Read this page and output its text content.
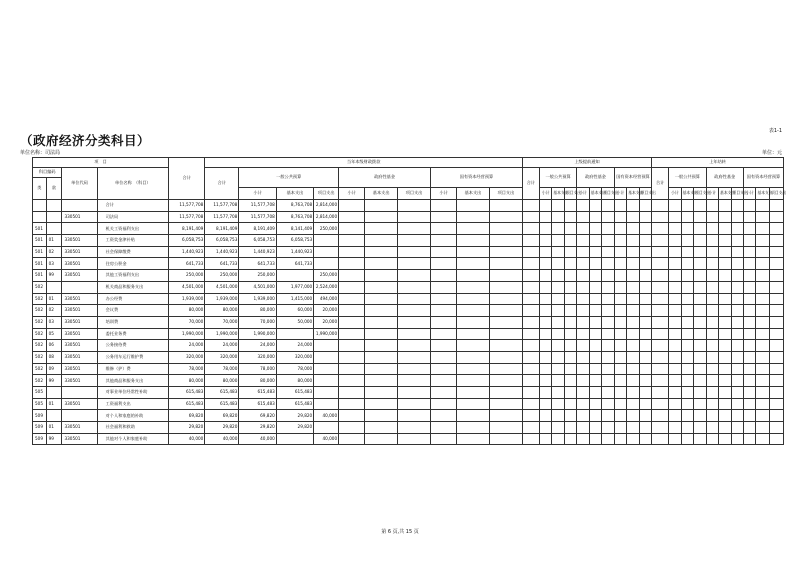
（政府经济分类科目）
表1-1
单位名称：司法局	单位：元
项　目				合计	当年本级财政拨款										上级提前通知										上年结转									
科目编码		单位代码	单位名称　（科目）		合计	一般公共预算			政府性基金			国有资本经营预算			合计	一般公共预算			政府性基金			国有资本经营预算			合计	一般公共预算			政府性基金			国有资本经营预算		
类	款																																	
						小计	基本支出	项目支出	小计	基本支出	项目支出	小计	基本支出	项目支出		小计	基本支出	项目支出	小计	基本支出	项目支出	小计	基本支出	项目支出		小计	基本支出	项目支出	小计	基本支出	项目支出	小计	基本支出	项目支出
			合计	11,577,708	11,577,708	11,577,708	8,763,708	2,814,000																										
		330501	司法局	11,577,708	11,577,708	11,577,708	8,763,708	2,814,000																										
501			机关工资福利支出	8,191,409	8,191,409	8,191,409	8,141,409	250,000																										
501	01	330501	工资奖金津补贴	6,058,753	6,058,753	6,058,753	6,058,753																											
501	02	330501	社会保障缴费	1,440,923	1,440,923	1,440,923	1,440,923																											
501	03	330501	住房公积金	641,733	641,733	641,733	641,733																											
501	99	330501	其他工资福利支出	250,000	250,000	250,000		250,000																										
502			机关商品和服务支出	4,501,000	4,501,000	4,501,000	1,977,000	2,524,000																										
502	01	330501	办公经费	1,939,000	1,939,000	1,939,000	1,415,000	494,000																										
502	02	330501	会议费	80,000	80,000	80,000	60,000	20,000																										
502	03	330501	培训费	70,000	70,000	70,000	50,000	20,000																										
502	05	330501	委托业务费	1,990,000	1,990,000	1,990,000		1,990,000																										
502	06	330501	公务接待费	24,000	24,000	24,000	24,000																											
502	08	330501	公务用车运行维护费	320,000	320,000	320,000	320,000																											
502	09	330501	维修（护）费	78,000	78,000	78,000	78,000																											
502	99	330501	其他商品和服务支出	80,000	80,000	80,000	80,000																											
505			对事业单位经常性补助	615,483	615,483	615,483	615,483																											
505	01	330501	工资福利支出	615,483	615,483	615,483	615,483																											
509			对个人和家庭的补助	69,820	69,820	69,820	29,820	40,000																										
509	01	330501	社会福利和救助	29,820	29,820	29,820	29,820																											
509	99	330501	其他对个人和家庭补助	40,000	40,000	40,000		40,000																										
第 6 页,共 15 页
